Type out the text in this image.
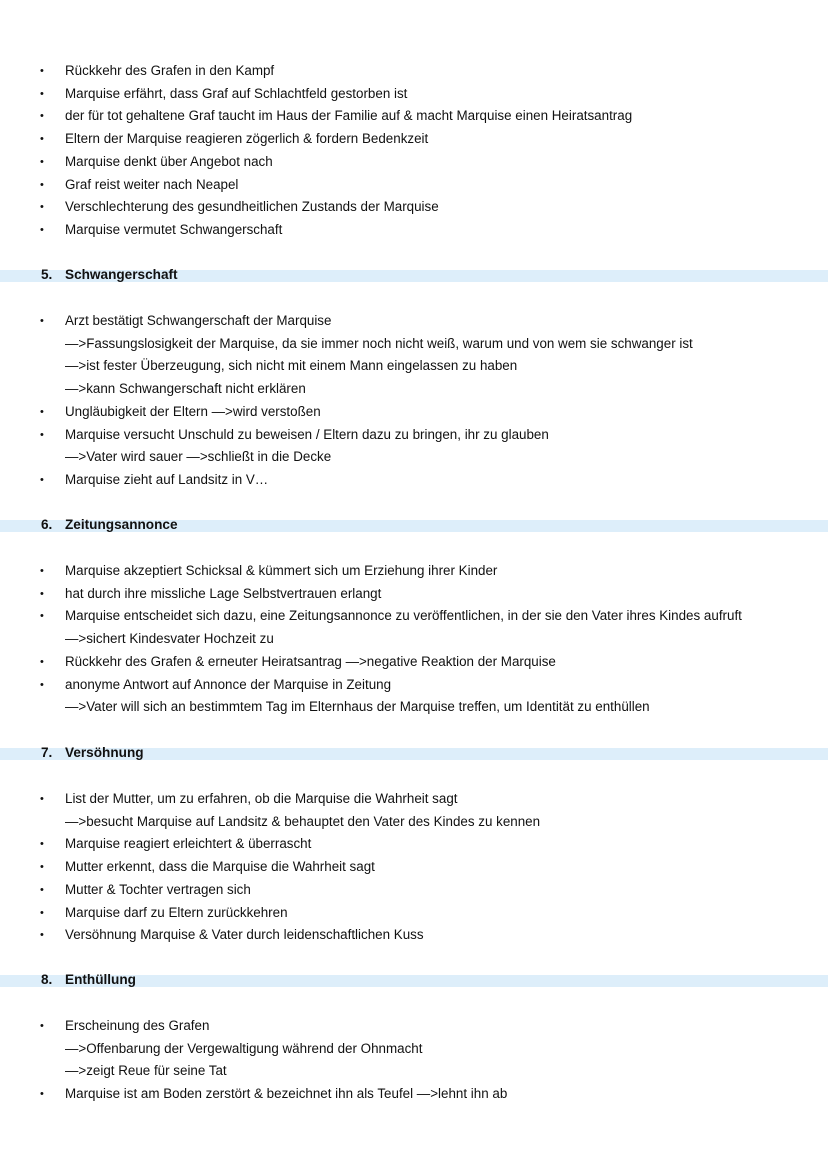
•	Rückkehr des Grafen in den Kampf
•	Marquise erfährt, dass Graf auf Schlachtfeld gestorben ist
•	der für tot gehaltene Graf taucht im Haus der Familie auf & macht Marquise einen Heiratsantrag
•	Eltern der Marquise reagieren zögerlich & fordern Bedenkzeit
•	Marquise denkt über Angebot nach
•	Graf reist weiter nach Neapel
•	Verschlechterung des gesundheitlichen Zustands der Marquise
•	Marquise vermutet Schwangerschaft
5. Schwangerschaft
•	Arzt bestätigt Schwangerschaft der Marquise
—>Fassungslosigkeit der Marquise, da sie immer noch nicht weiß, warum und von wem sie schwanger ist
—>ist fester Überzeugung, sich nicht mit einem Mann eingelassen zu haben
—>kann Schwangerschaft nicht erklären
•	Ungläubigkeit der Eltern —>wird verstoßen
•	Marquise versucht Unschuld zu beweisen / Eltern dazu zu bringen, ihr zu glauben
—>Vater wird sauer —>schließt in die Decke
•	Marquise zieht auf Landsitz in V…
6. Zeitungsannonce
•	Marquise akzeptiert Schicksal & kümmert sich um Erziehung ihrer Kinder
•	hat durch ihre missliche Lage Selbstvertrauen erlangt
•	Marquise entscheidet sich dazu, eine Zeitungsannonce zu veröffentlichen, in der sie den Vater ihres Kindes aufruft
—>sichert Kindesvater Hochzeit zu
•	Rückkehr des Grafen & erneuter Heiratsantrag —>negative Reaktion der Marquise
•	anonyme Antwort auf Annonce der Marquise in Zeitung
—>Vater will sich an bestimmtem Tag im Elternhaus der Marquise treffen, um Identität zu enthüllen
7. Versöhnung
•	List der Mutter, um zu erfahren, ob die Marquise die Wahrheit sagt
—>besucht Marquise auf Landsitz & behauptet den Vater des Kindes zu kennen
•	Marquise reagiert erleichtert & überrascht
•	Mutter erkennt, dass die Marquise die Wahrheit sagt
•	Mutter & Tochter vertragen sich
•	Marquise darf zu Eltern zurückkehren
•	Versöhnung Marquise & Vater durch leidenschaftlichen Kuss
8. Enthüllung
•	Erscheinung des Grafen
—>Offenbarung der Vergewaltigung während der Ohnmacht
—>zeigt Reue für seine Tat
•	Marquise ist am Boden zerstört & bezeichnet ihn als Teufel —>lehnt ihn ab
